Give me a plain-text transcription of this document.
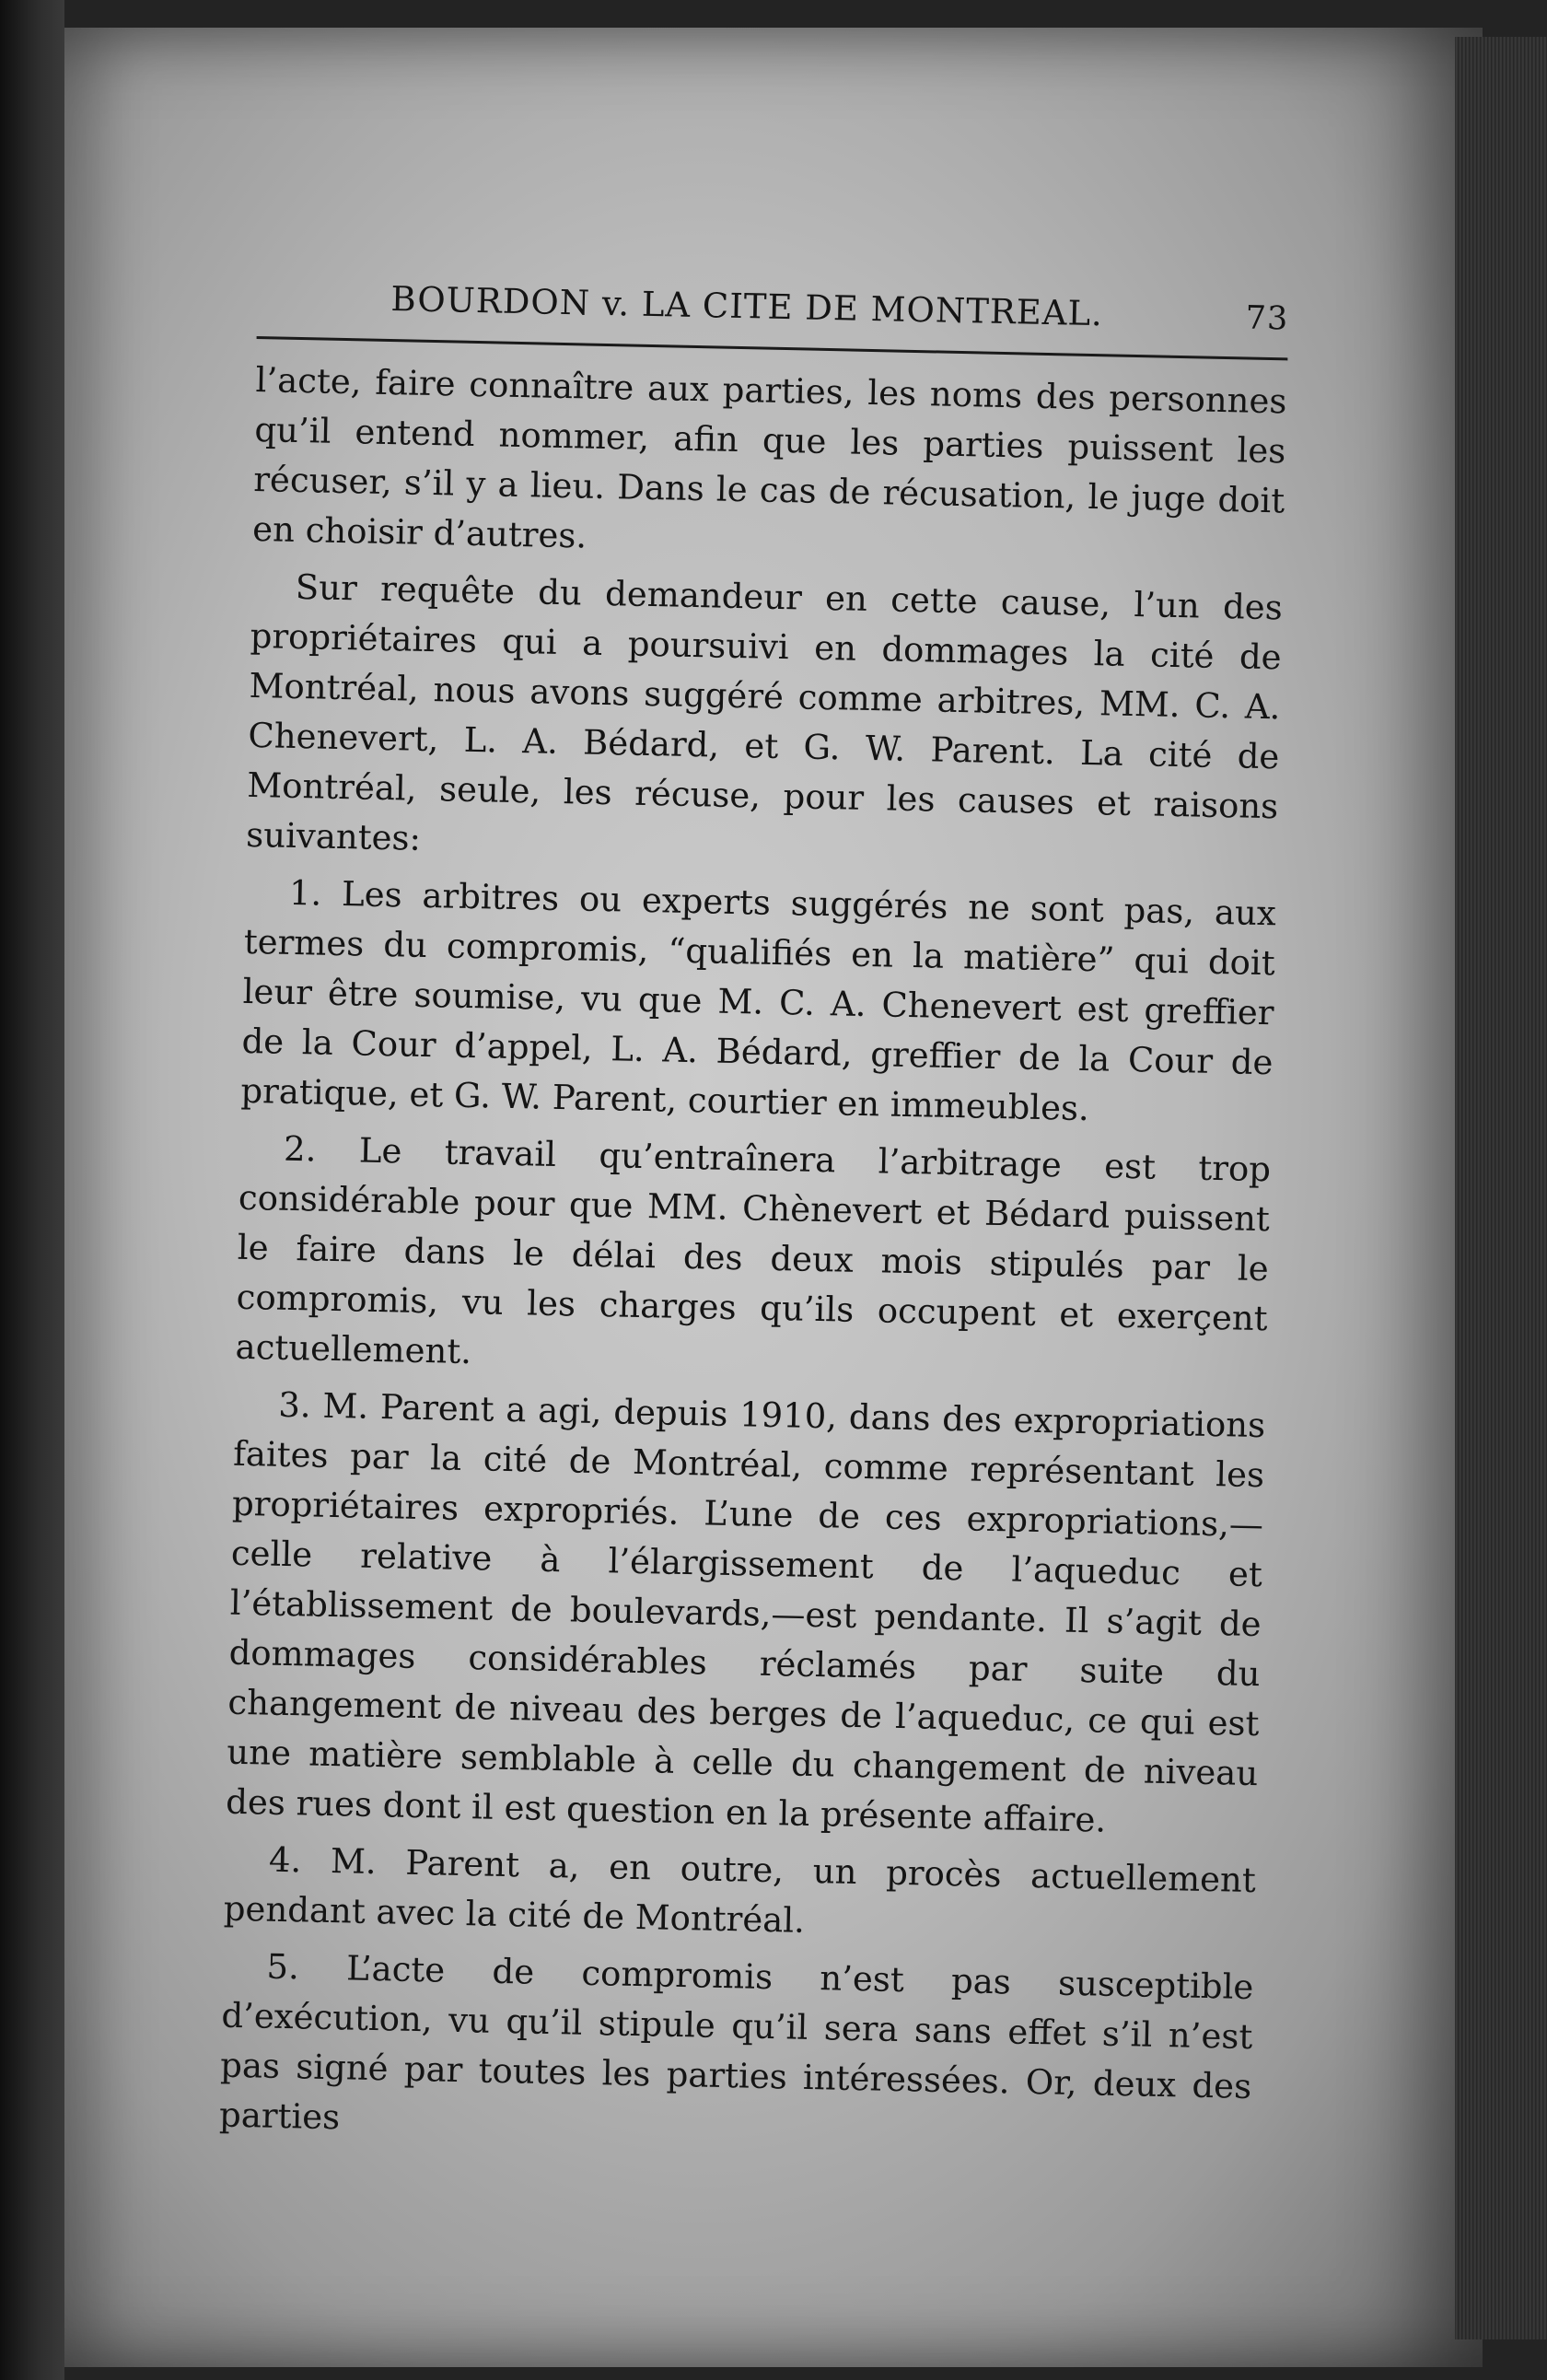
BOURDON v. LA CITE DE MONTREAL.	73

l’acte, faire connaître aux parties, les noms des personnes qu’il entend nommer, afin que les parties puissent les récuser, s’il y a lieu. Dans le cas de récusation, le juge doit en choisir d’autres.

Sur requête du demandeur en cette cause, l’un des propriétaires qui a poursuivi en dommages la cité de Montréal, nous avons suggéré comme arbitres, MM. C. A. Chenevert, L. A. Bédard, et G. W. Parent. La cité de Montréal, seule, les récuse, pour les causes et raisons suivantes:

1. Les arbitres ou experts suggérés ne sont pas, aux termes du compromis, “qualifiés en la matière” qui doit leur être soumise, vu que M. C. A. Chenevert est greffier de la Cour d’appel, L. A. Bédard, greffier de la Cour de pratique, et G. W. Parent, courtier en immeubles.

2. Le travail qu’entraînera l’arbitrage est trop considérable pour que MM. Chènevert et Bédard puissent le faire dans le délai des deux mois stipulés par le compromis, vu les charges qu’ils occupent et exerçent actuellement.

3. M. Parent a agi, depuis 1910, dans des expropriations faites par la cité de Montréal, comme représentant les propriétaires expropriés. L’une de ces expropriations,—celle relative à l’élargissement de l’aqueduc et l’établissement de boulevards,—est pendante. Il s’agit de dommages considérables réclamés par suite du changement de niveau des berges de l’aqueduc, ce qui est une matière semblable à celle du changement de niveau des rues dont il est question en la présente affaire.

4. M. Parent a, en outre, un procès actuellement pendant avec la cité de Montréal.

5. L’acte de compromis n’est pas susceptible d’exécution, vu qu’il stipule qu’il sera sans effet s’il n’est pas signé par toutes les parties intéressées. Or, deux des parties
